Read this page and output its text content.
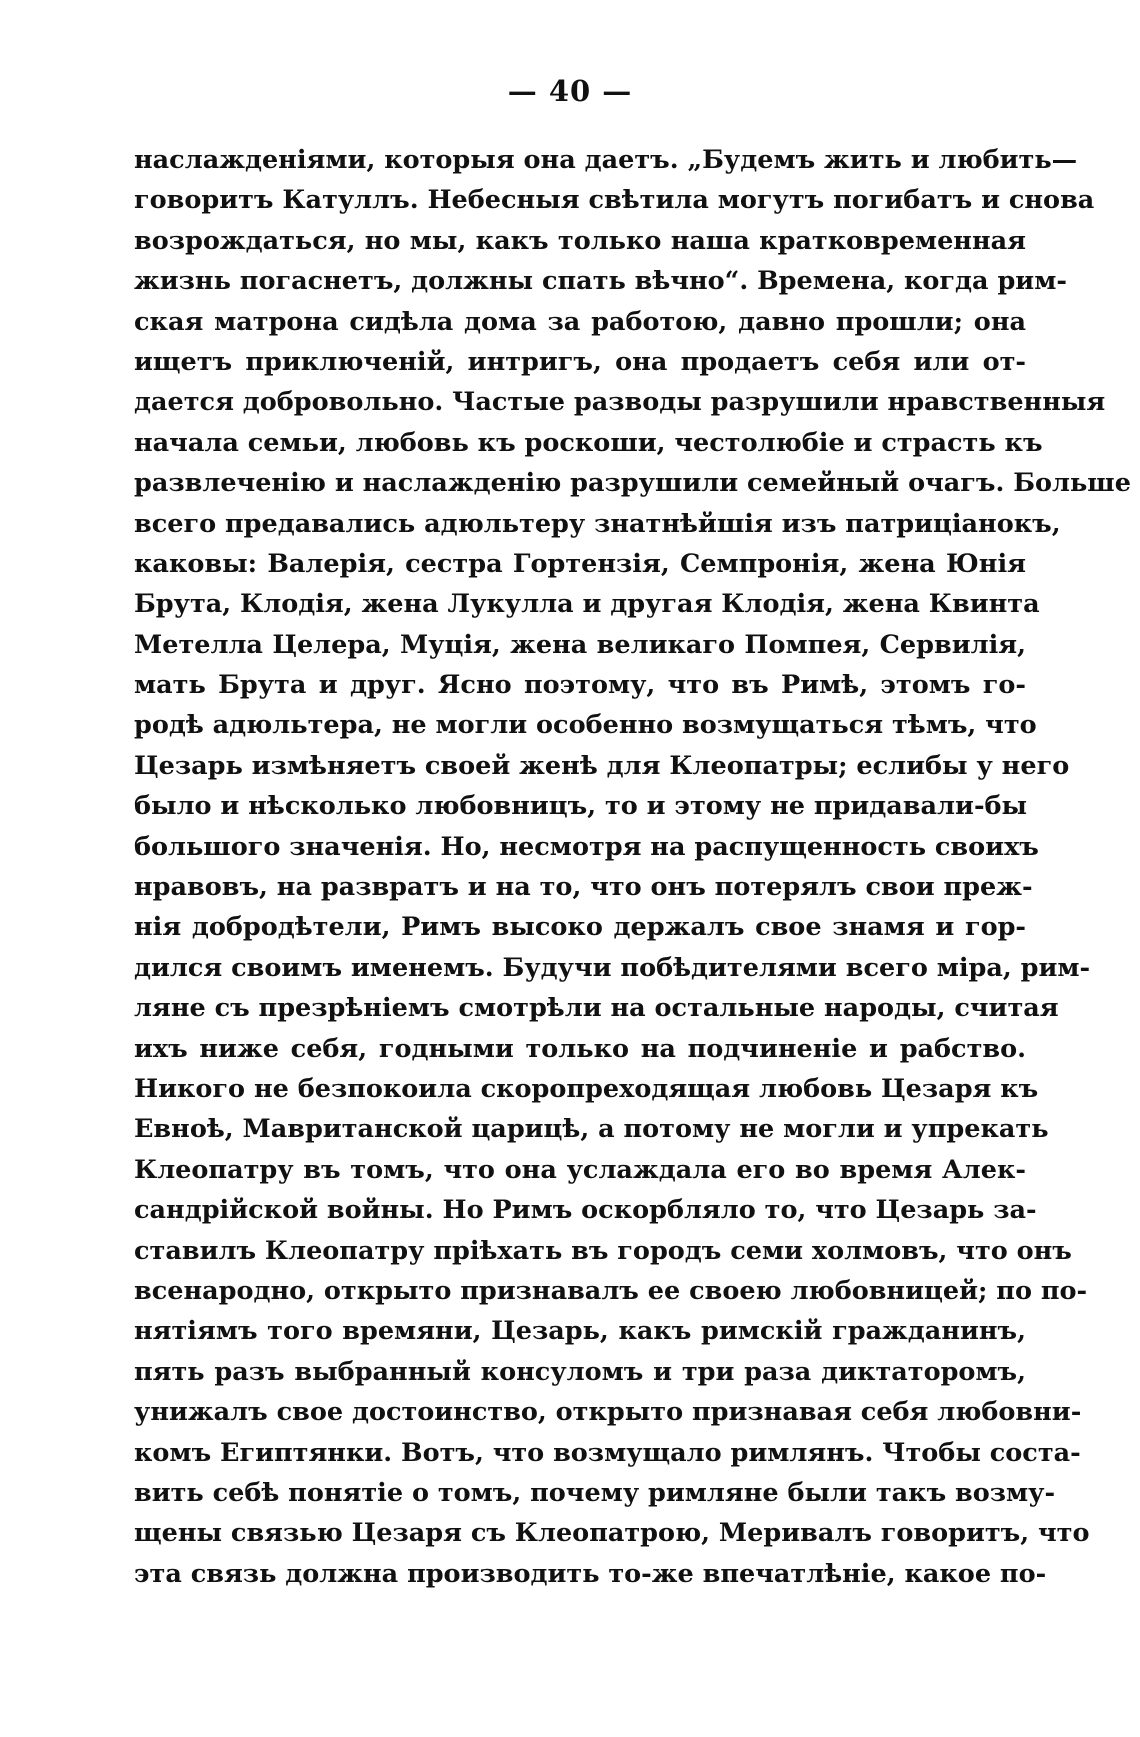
— 40 —
наслажденіями, которыя она даетъ. „Будемъ жить и любить—
говоритъ Катуллъ. Небесныя свѣтила могутъ погибатъ и снова
возрождаться, но мы, какъ только наша кратковременная
жизнь погаснетъ, должны спать вѣчно“. Времена, когда рим-
ская матрона сидѣла дома за работою, давно прошли; она
ищетъ приключеній, интригъ, она продаетъ себя или от-
дается добровольно. Частые разводы разрушили нравственныя
начала семьи, любовь къ роскоши, честолюбіе и страсть къ
развлеченію и наслажденію разрушили семейный очагъ. Больше
всего предавались адюльтеру знатнѣйшія изъ патриціанокъ,
каковы: Валерія, сестра Гортензія, Семпронія, жена Юнія
Брута, Клодія, жена Лукулла и другая Клодія, жена Квинта
Метелла Целера, Муція, жена великаго Помпея, Сервилія,
мать Брута и друг. Ясно поэтому, что въ Римѣ, этомъ го-
родѣ адюльтера, не могли особенно возмущаться тѣмъ, что
Цезарь измѣняетъ своей женѣ для Клеопатры; еслибы у него
было и нѣсколько любовницъ, то и этому не придавали-бы
большого значенія. Но, несмотря на распущенность своихъ
нравовъ, на развратъ и на то, что онъ потерялъ свои преж-
нія добродѣтели, Римъ высоко держалъ свое знамя и гор-
дился своимъ именемъ. Будучи побѣдителями всего міра, рим-
ляне съ презрѣніемъ смотрѣли на остальные народы, считая
ихъ ниже себя, годными только на подчиненіе и рабство.
Никого не безпокоила скоропреходящая любовь Цезаря къ
Евноѣ, Мавританской царицѣ, а потому не могли и упрекать
Клеопатру въ томъ, что она услаждала его во время Алек-
сандрійской войны. Но Римъ оскорбляло то, что Цезарь за-
ставилъ Клеопатру пріѣхать въ городъ семи холмовъ, что онъ
всенародно, открыто признавалъ ее своею любовницей; по по-
нятіямъ того времяни, Цезарь, какъ римскій гражданинъ,
пять разъ выбранный консуломъ и три раза диктаторомъ,
унижалъ свое достоинство, открыто признавая себя любовни-
комъ Египтянки. Вотъ, что возмущало римлянъ. Чтобы соста-
вить себѣ понятіе о томъ, почему римляне были такъ возму-
щены связью Цезаря съ Клеопатрою, Меривалъ говоритъ, что
эта связь должна производить то-же впечатлѣніе, какое по-
